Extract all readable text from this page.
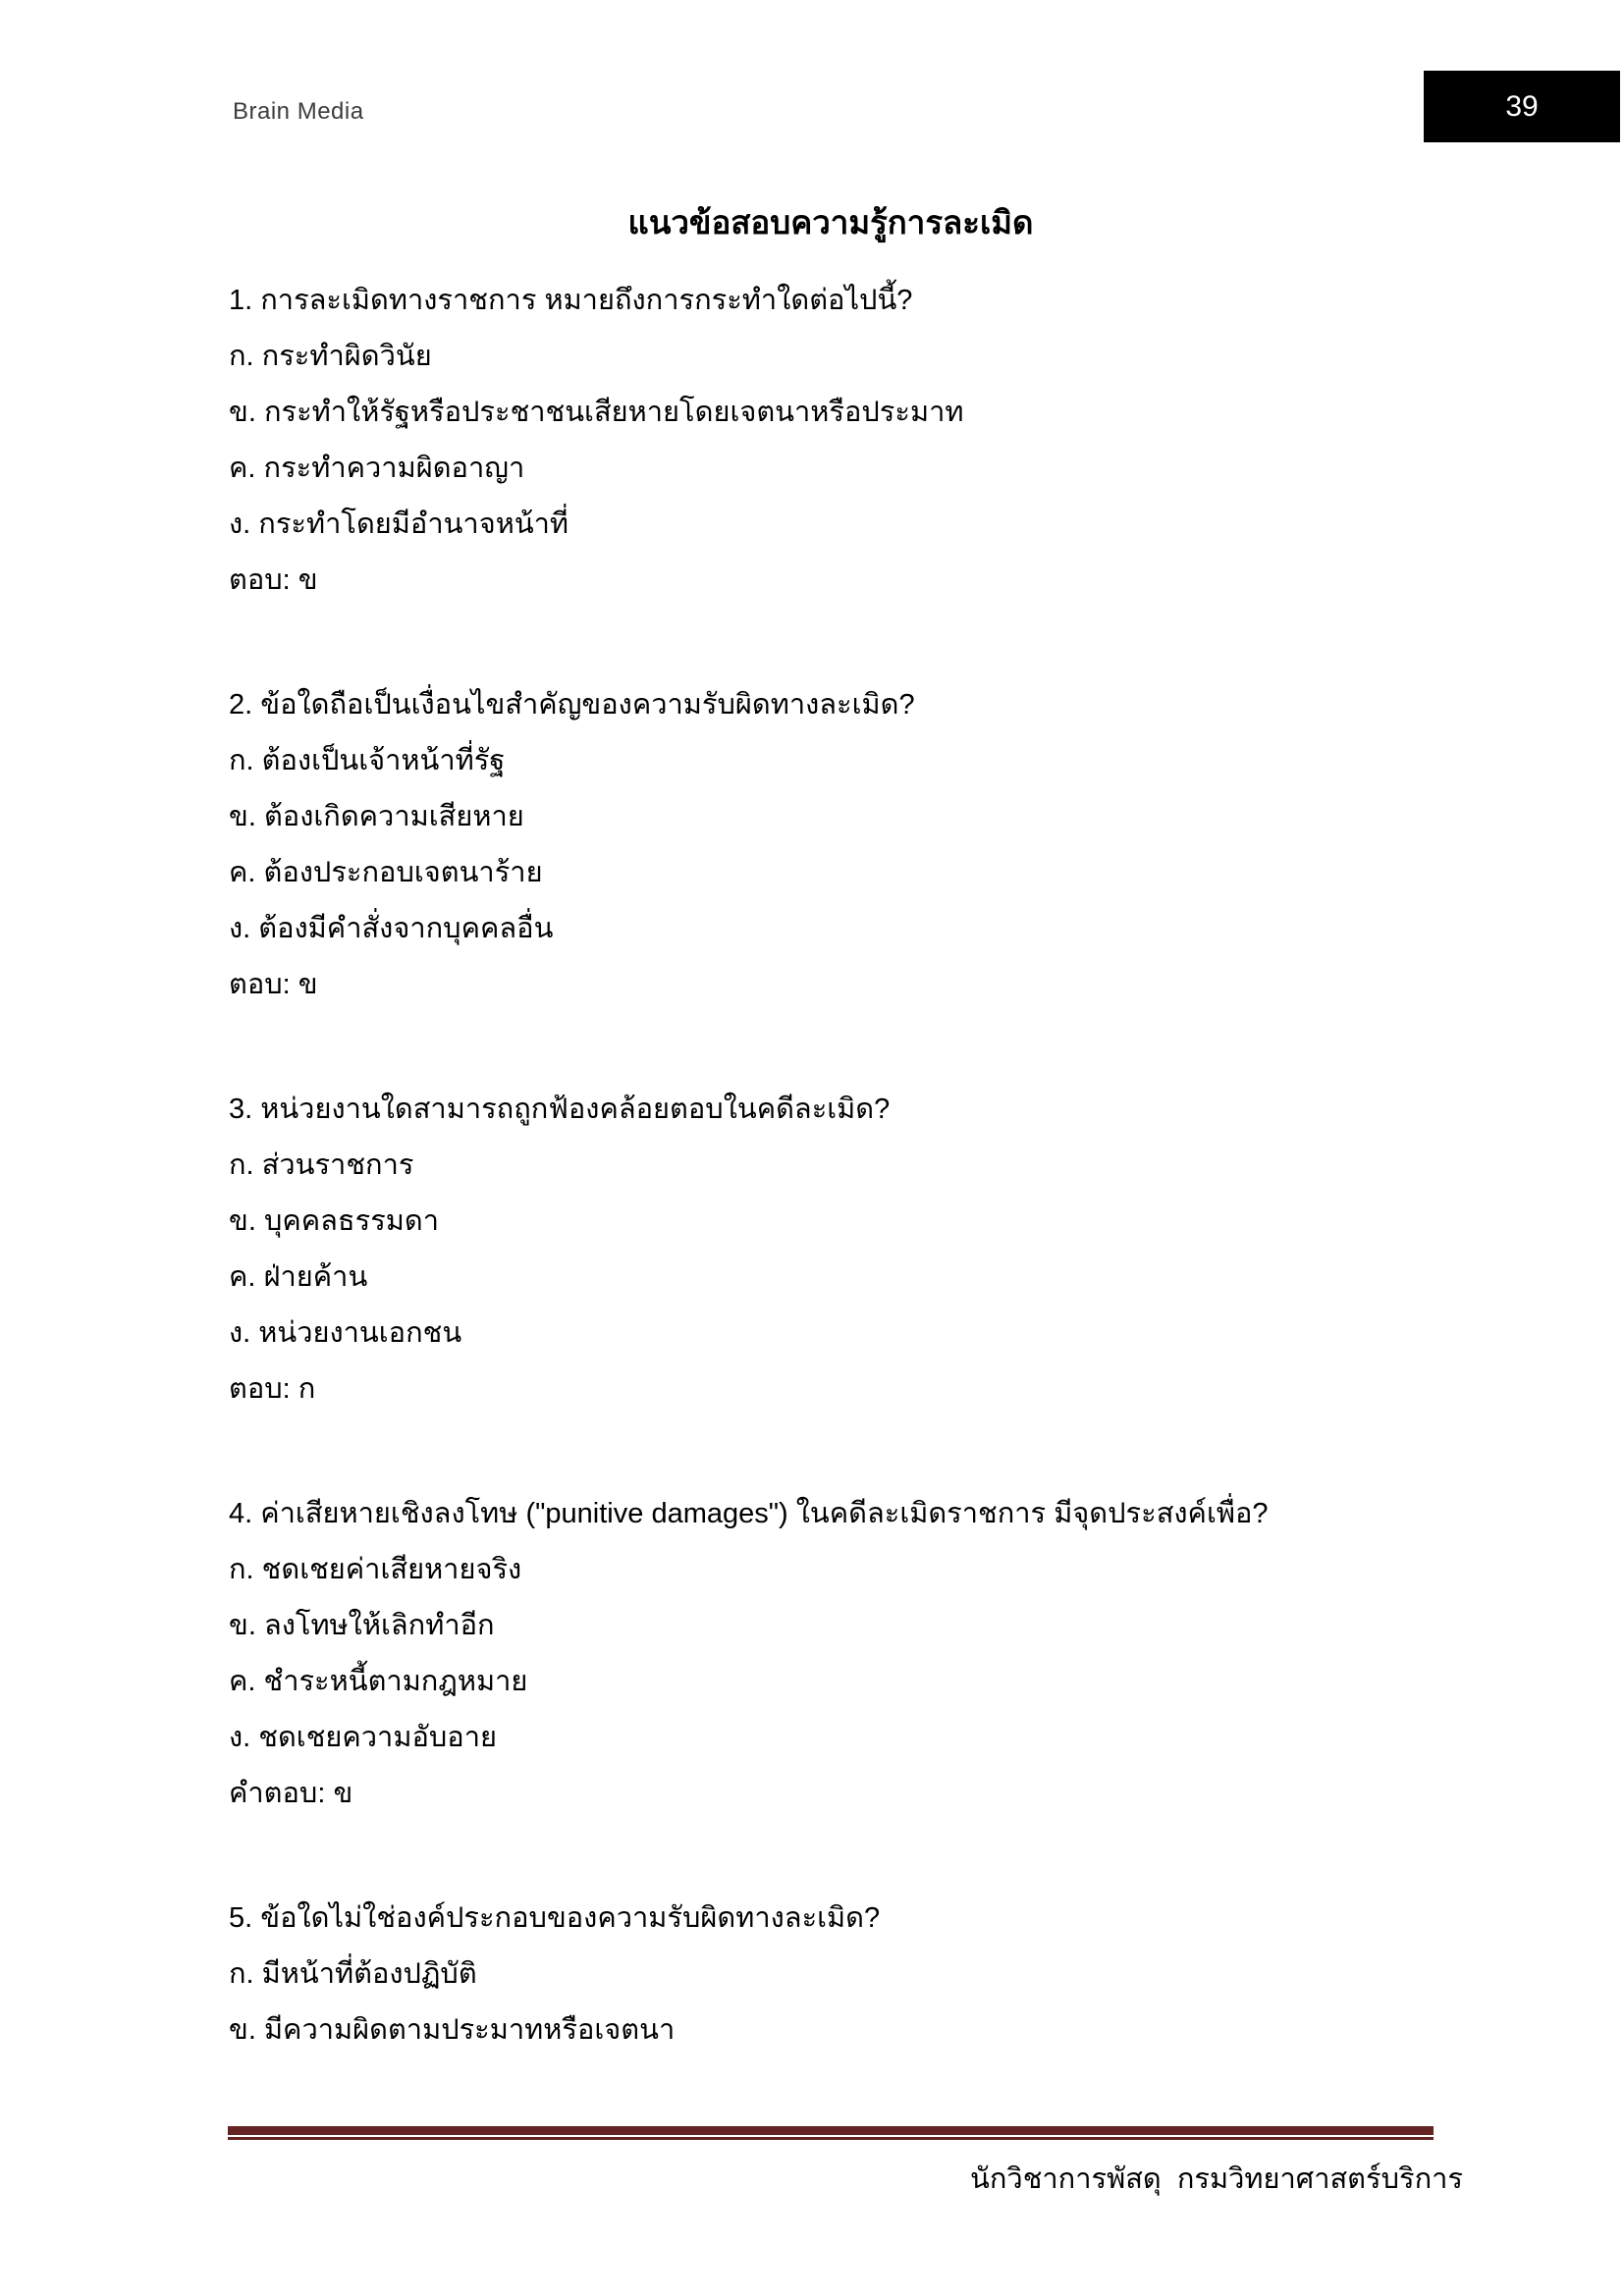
Brain Media	39
แนวข้อสอบความรู้การละเมิด

1. การละเมิดทางราชการ หมายถึงการกระทำใดต่อไปนี้?

ก. กระทำผิดวินัย

ข. กระทำให้รัฐหรือประชาชนเสียหายโดยเจตนาหรือประมาท

ค. กระทำความผิดอาญา

ง. กระทำโดยมีอำนาจหน้าที่

ตอบ: ข

2. ข้อใดถือเป็นเงื่อนไขสำคัญของความรับผิดทางละเมิด?

ก. ต้องเป็นเจ้าหน้าที่รัฐ

ข. ต้องเกิดความเสียหาย

ค. ต้องประกอบเจตนาร้าย

ง. ต้องมีคำสั่งจากบุคคลอื่น

ตอบ: ข

3. หน่วยงานใดสามารถถูกฟ้องคล้อยตอบในคดีละเมิด?

ก. ส่วนราชการ

ข. บุคคลธรรมดา

ค. ฝ่ายค้าน

ง. หน่วยงานเอกชน

ตอบ: ก

4. ค่าเสียหายเชิงลงโทษ ("punitive damages") ในคดีละเมิดราชการ มีจุดประสงค์เพื่อ?

ก. ชดเชยค่าเสียหายจริง

ข. ลงโทษให้เลิกทำอีก

ค. ชำระหนี้ตามกฎหมาย

ง. ชดเชยความอับอาย

คำตอบ: ข

5. ข้อใดไม่ใช่องค์ประกอบของความรับผิดทางละเมิด?

ก. มีหน้าที่ต้องปฏิบัติ

ข. มีความผิดตามประมาทหรือเจตนา

นักวิชาการพัสดุ  กรมวิทยาศาสตร์บริการ
